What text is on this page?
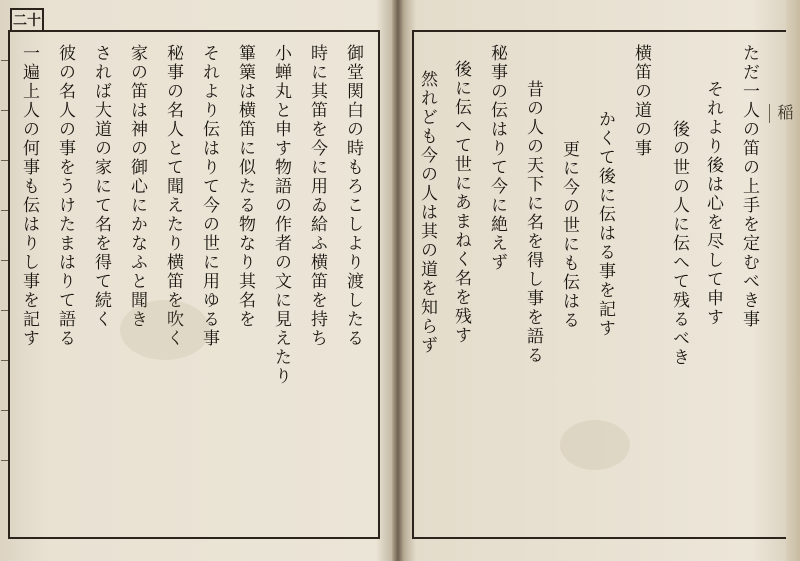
二十
御堂関白の時もろこしより渡したる
時に其笛を今に用ゐ給ふ横笛を持ち
小蝉丸と申す物語の作者の文に見えたり
篳篥は横笛に似たる物なり其名を
それより伝はりて今の世に用ゆる事
秘事の名人とて聞えたり横笛を吹く
家の笛は神の御心にかなふと聞き
されば大道の家にて名を得て続く
彼の名人の事をうけたまはりて語る
一遍上人の何事も伝はりし事を記す	ただ一人の笛の上手を定むべき事
それより後は心を尽して申す
後の世の人に伝へて残るべき
横笛の道の事
かくて後に伝はる事を記す
更に今の世にも伝はる
昔の人の天下に名を得し事を語る
秘事の伝はりて今に絶えず
後に伝へて世にあまねく名を残す
然れども今の人は其の道を知らず	稲
